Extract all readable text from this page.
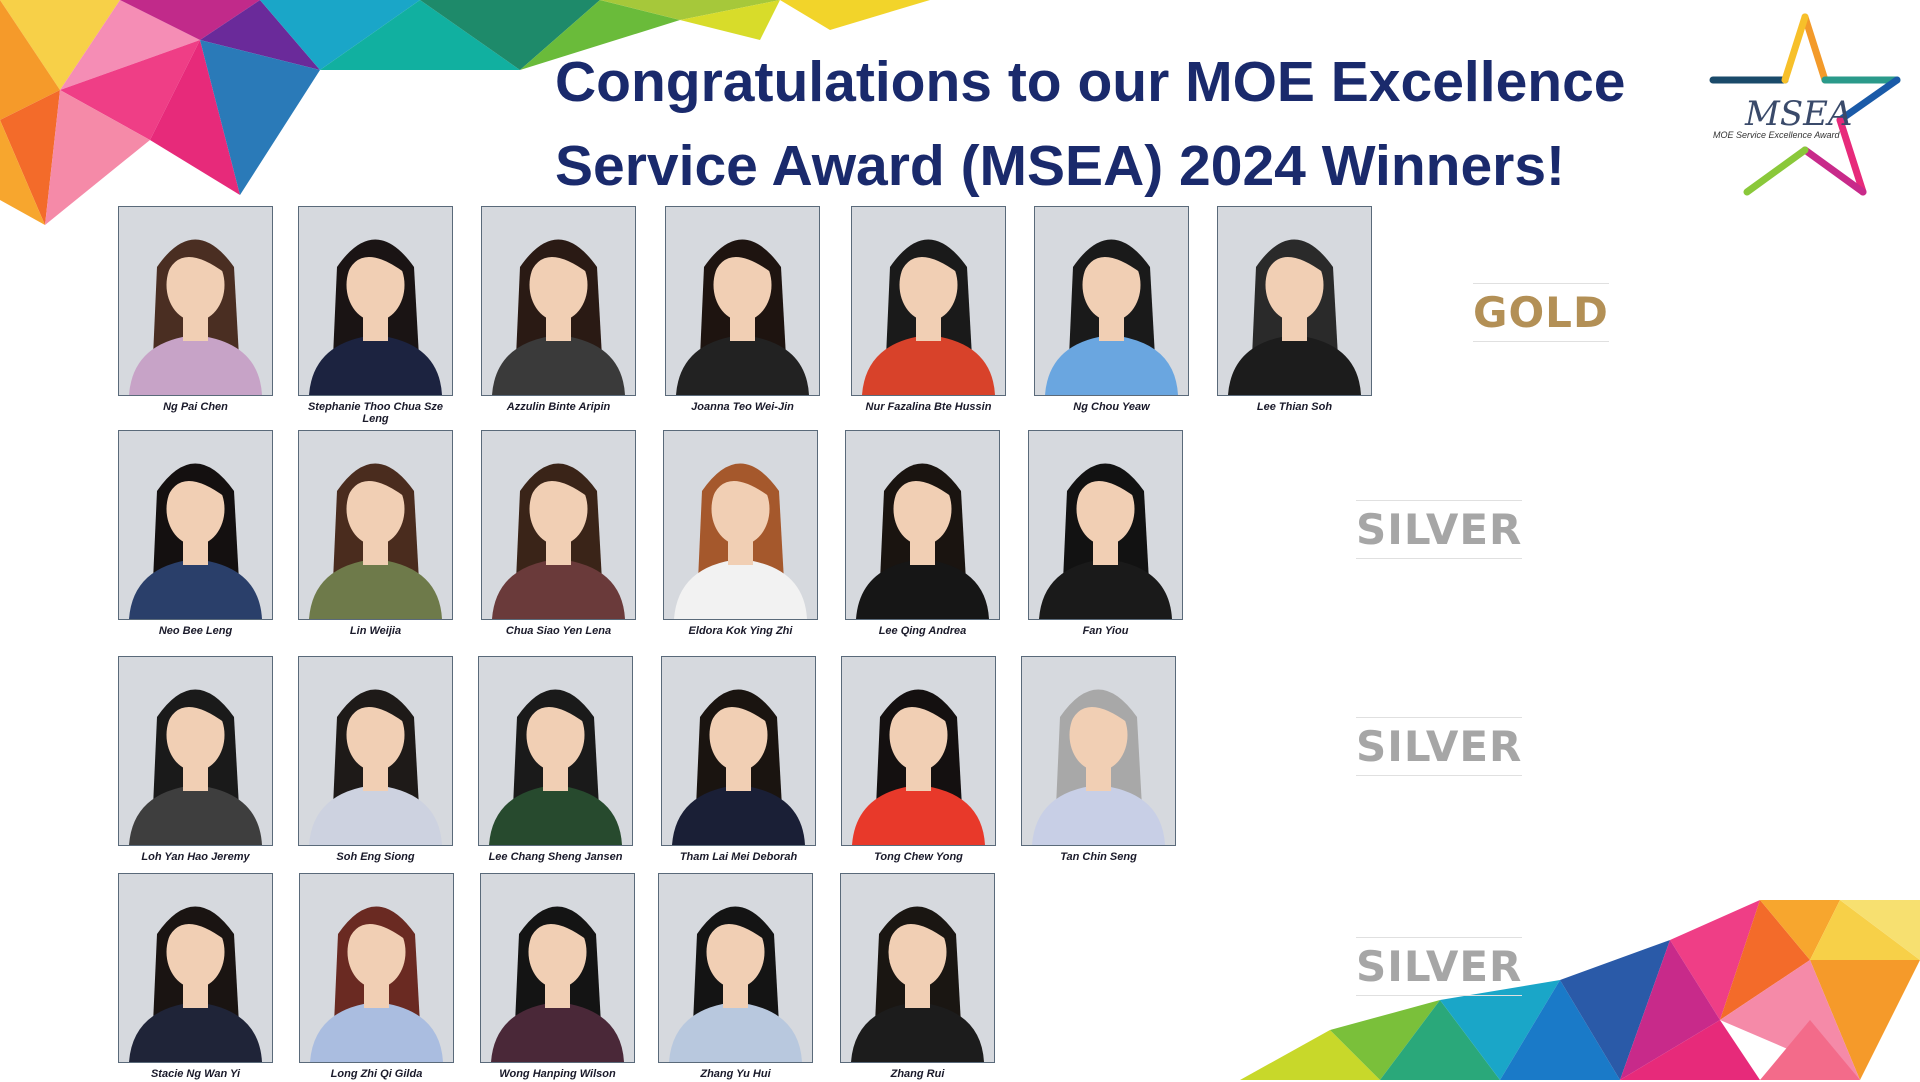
Congratulations to our MOE Excellence
Service Award (MSEA) 2024 Winners!
MSEA
MOE Service Excellence Award
Ng Pai Chen	Stephanie Thoo Chua Sze Leng
Azzulin Binte Aripin	Joanna Teo Wei-Jin	Nur Fazalina Bte Hussin	Ng Chou Yeaw	Lee Thian Soh
Neo Bee Leng	Lin Weijia	Chua Siao Yen Lena	Eldora Kok Ying Zhi	Lee Qing Andrea	Fan Yiou
Loh Yan Hao Jeremy	Soh Eng Siong	Lee Chang Sheng Jansen	Tham Lai Mei Deborah	Tong Chew Yong	Tan Chin Seng
Stacie Ng Wan Yi	Long Zhi Qi Gilda	Wong Hanping Wilson	Zhang Yu Hui	Zhang Rui
GOLD
SILVER
SILVER
SILVER
